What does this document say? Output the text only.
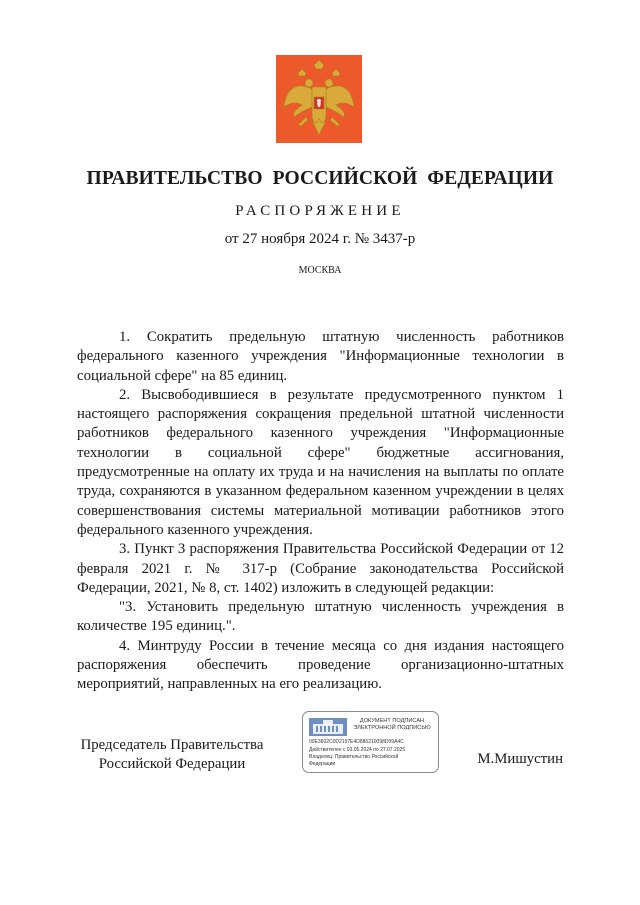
ПРАВИТЕЛЬСТВО РОССИЙСКОЙ ФЕДЕРАЦИИ
РАСПОРЯЖЕНИЕ
от 27 ноября 2024 г. № 3437-р
МОСКВА

1. Сократить предельную штатную численность работников федерального казенного учреждения "Информационные технологии в социальной сфере" на 85 единиц.

2. Высвободившиеся в результате предусмотренного пунктом 1 настоящего распоряжения сокращения предельной штатной численности работников федерального казенного учреждения "Информационные технологии в социальной сфере" бюджетные ассигнования, предусмотренные на оплату их труда и на начисления на выплаты по оплате труда, сохраняются в указанном федеральном казенном учреждении в целях совершенствования системы материальной мотивации работников этого федерального казенного учреждения.

3. Пункт 3 распоряжения Правительства Российской Федерации от 12 февраля 2021 г. № 317-р (Собрание законодательства Российской Федерации, 2021, № 8, ст. 1402) изложить в следующей редакции:

"3. Установить предельную штатную численность учреждения в количестве 195 единиц.".

4. Минтруду России в течение месяца со дня издания настоящего распоряжения обеспечить проведение организационно-штатных мероприятий, направленных на его реализацию.

Председатель Правительства
Российской Федерации
ДОКУМЕНТ ПОДПИСАН
ЭЛЕКТРОННОЙ ПОДПИСЬЮ
00E3602C0D2197E4D886210098D09A4C
Действителен с 03.05.2024 по 27.07.2025
Владелец: Правительство Российской
Федерации	М.Мишустин
